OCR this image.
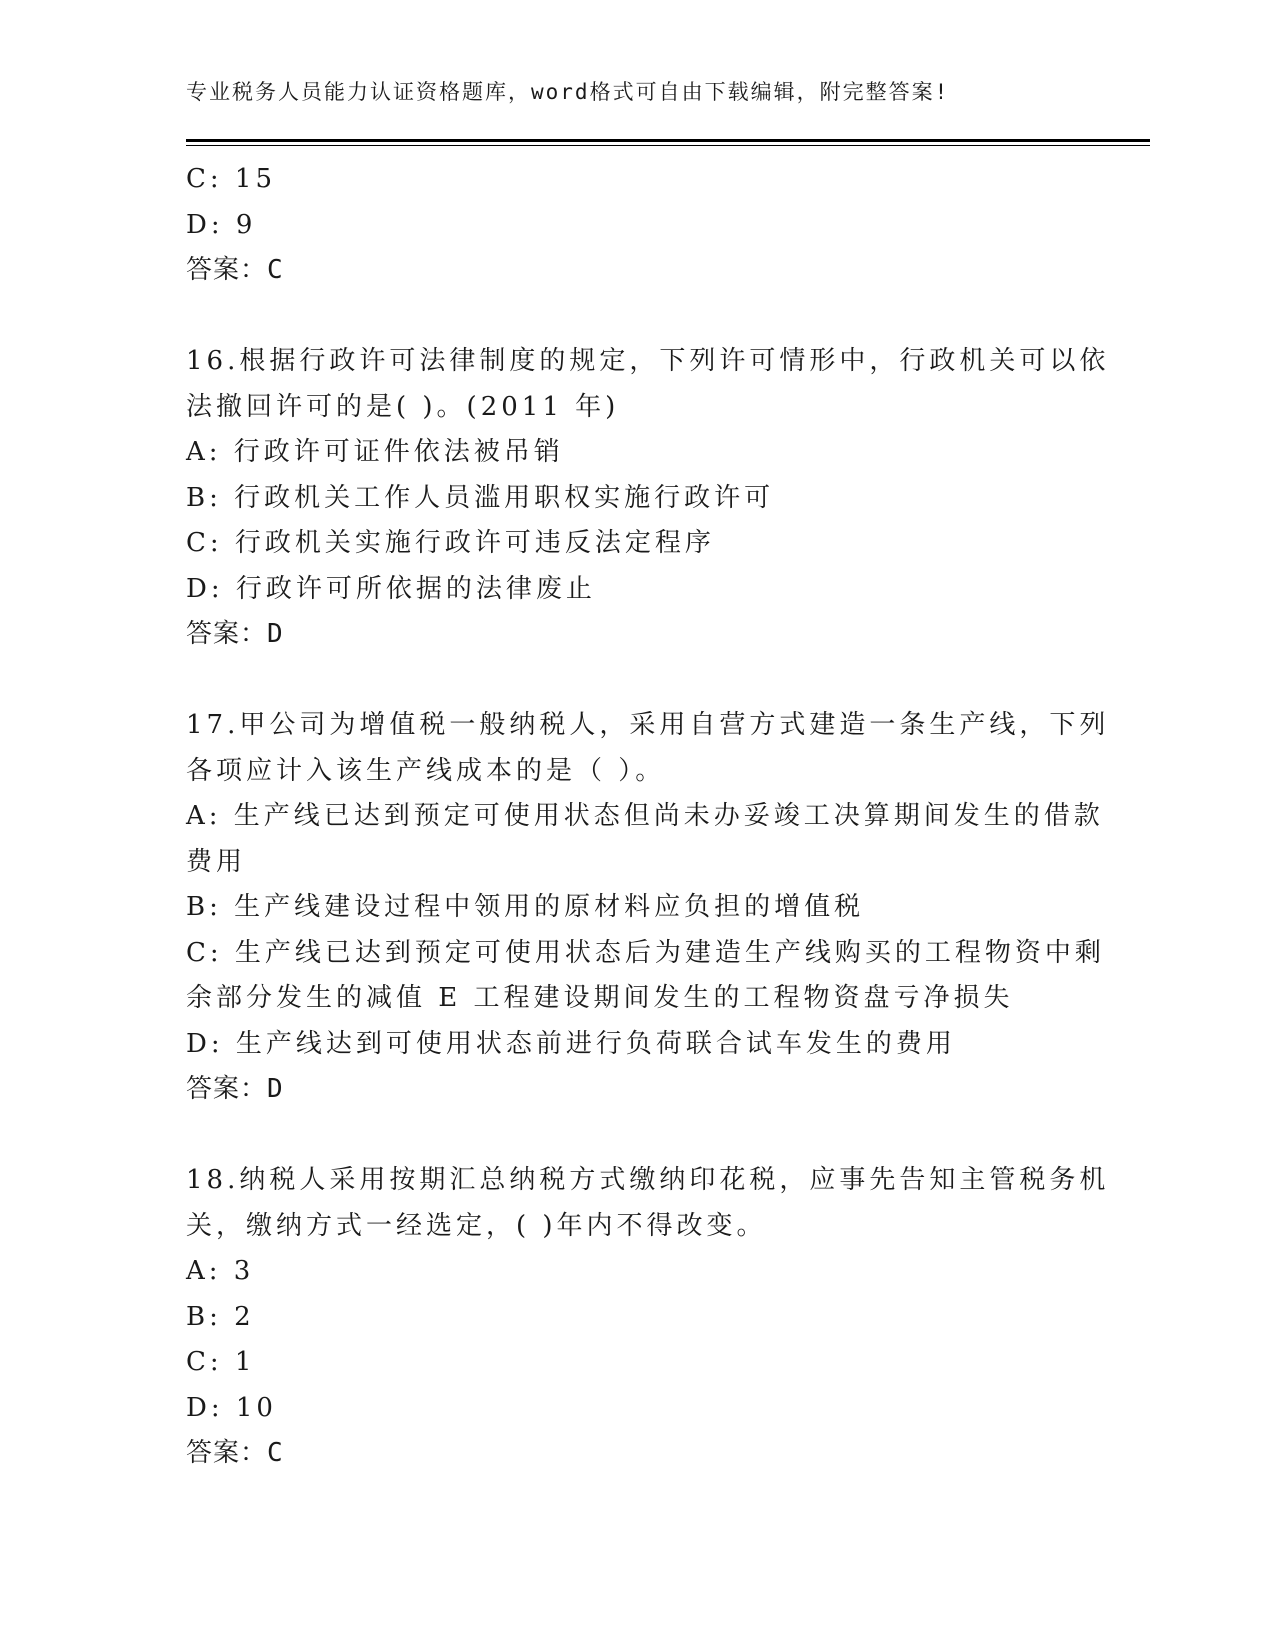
专业税务人员能力认证资格题库，word格式可自由下载编辑，附完整答案!
C: 15
D: 9
答案：C
16.根据行政许可法律制度的规定，下列许可情形中，行政机关可以依
法撤回许可的是( )。(2011 年)
A: 行政许可证件依法被吊销
B: 行政机关工作人员滥用职权实施行政许可
C: 行政机关实施行政许可违反法定程序
D: 行政许可所依据的法律废止
答案：D
17.甲公司为增值税一般纳税人，采用自营方式建造一条生产线，下列
各项应计入该生产线成本的是（ ）。
A: 生产线已达到预定可使用状态但尚未办妥竣工决算期间发生的借款
费用
B: 生产线建设过程中领用的原材料应负担的增值税
C: 生产线已达到预定可使用状态后为建造生产线购买的工程物资中剩
余部分发生的减值 E 工程建设期间发生的工程物资盘亏净损失
D: 生产线达到可使用状态前进行负荷联合试车发生的费用
答案：D
18.纳税人采用按期汇总纳税方式缴纳印花税，应事先告知主管税务机
关，缴纳方式一经选定，( )年内不得改变。
A: 3
B: 2
C: 1
D: 10
答案：C
